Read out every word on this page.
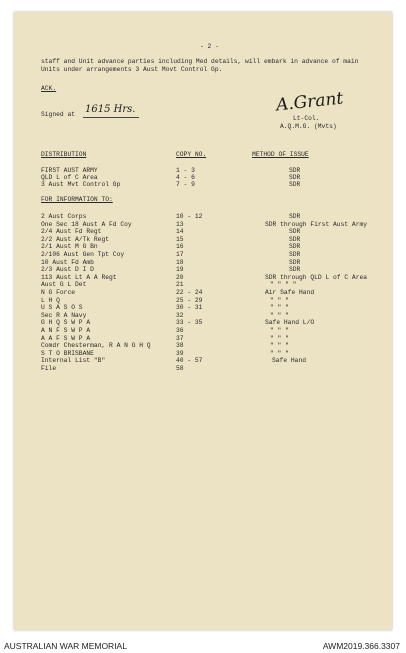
- 2 -
staff and Unit advance parties including Med details, will embark in advance of main
Units under arrangements 3 Aust Movt Control Gp.
ACK.
Signed at 1615 Hrs.	A.Grant
Lt-Col.
A.Q.M.G. (Mvts)
DISTRIBUTION	COPY NO.	METHOD OF ISSUE
FIRST AUST ARMY	1 - 3	SDR
QLD L of C Area	4 - 6	SDR
3 Aust Mvt Control Gp	7 - 9	SDR
FOR INFORMATION TO:
2 Aust Corps	10 - 12	SDR
One Sec 18 Aust A Fd Coy	13	SDR through First Aust Army
2/4 Aust Fd Regt	14	SDR
2/2 Aust A/Tk Regt	15	SDR
2/1 Aust M G Bn	16	SDR
2/106 Aust Gen Tpt Coy	17	SDR
10 Aust Fd Amb	18	SDR
2/3 Aust D I D	19	SDR
113 Aust Lt A A Regt	20	SDR through QLD L of C Area
Aust G L Det	21	" " " "
N G Force	22 - 24	Air Safe Hand
L H Q	25 - 29	" " "
U S A S O S	30 - 31	" " "
Sec R A Navy	32	" " "
G H Q S W P A	33 - 35	Safe Hand L/O
A N F S W P A	36	" " "
A A F S W P A	37	" " "
Comdr Chesterman, R A N G H Q	38	" " "
S T O BRISBANE	39	" " "
Internal List "B"	40 - 57	Safe Hand
File	58
AUSTRALIAN WAR MEMORIAL	AWM2019.366.3307
